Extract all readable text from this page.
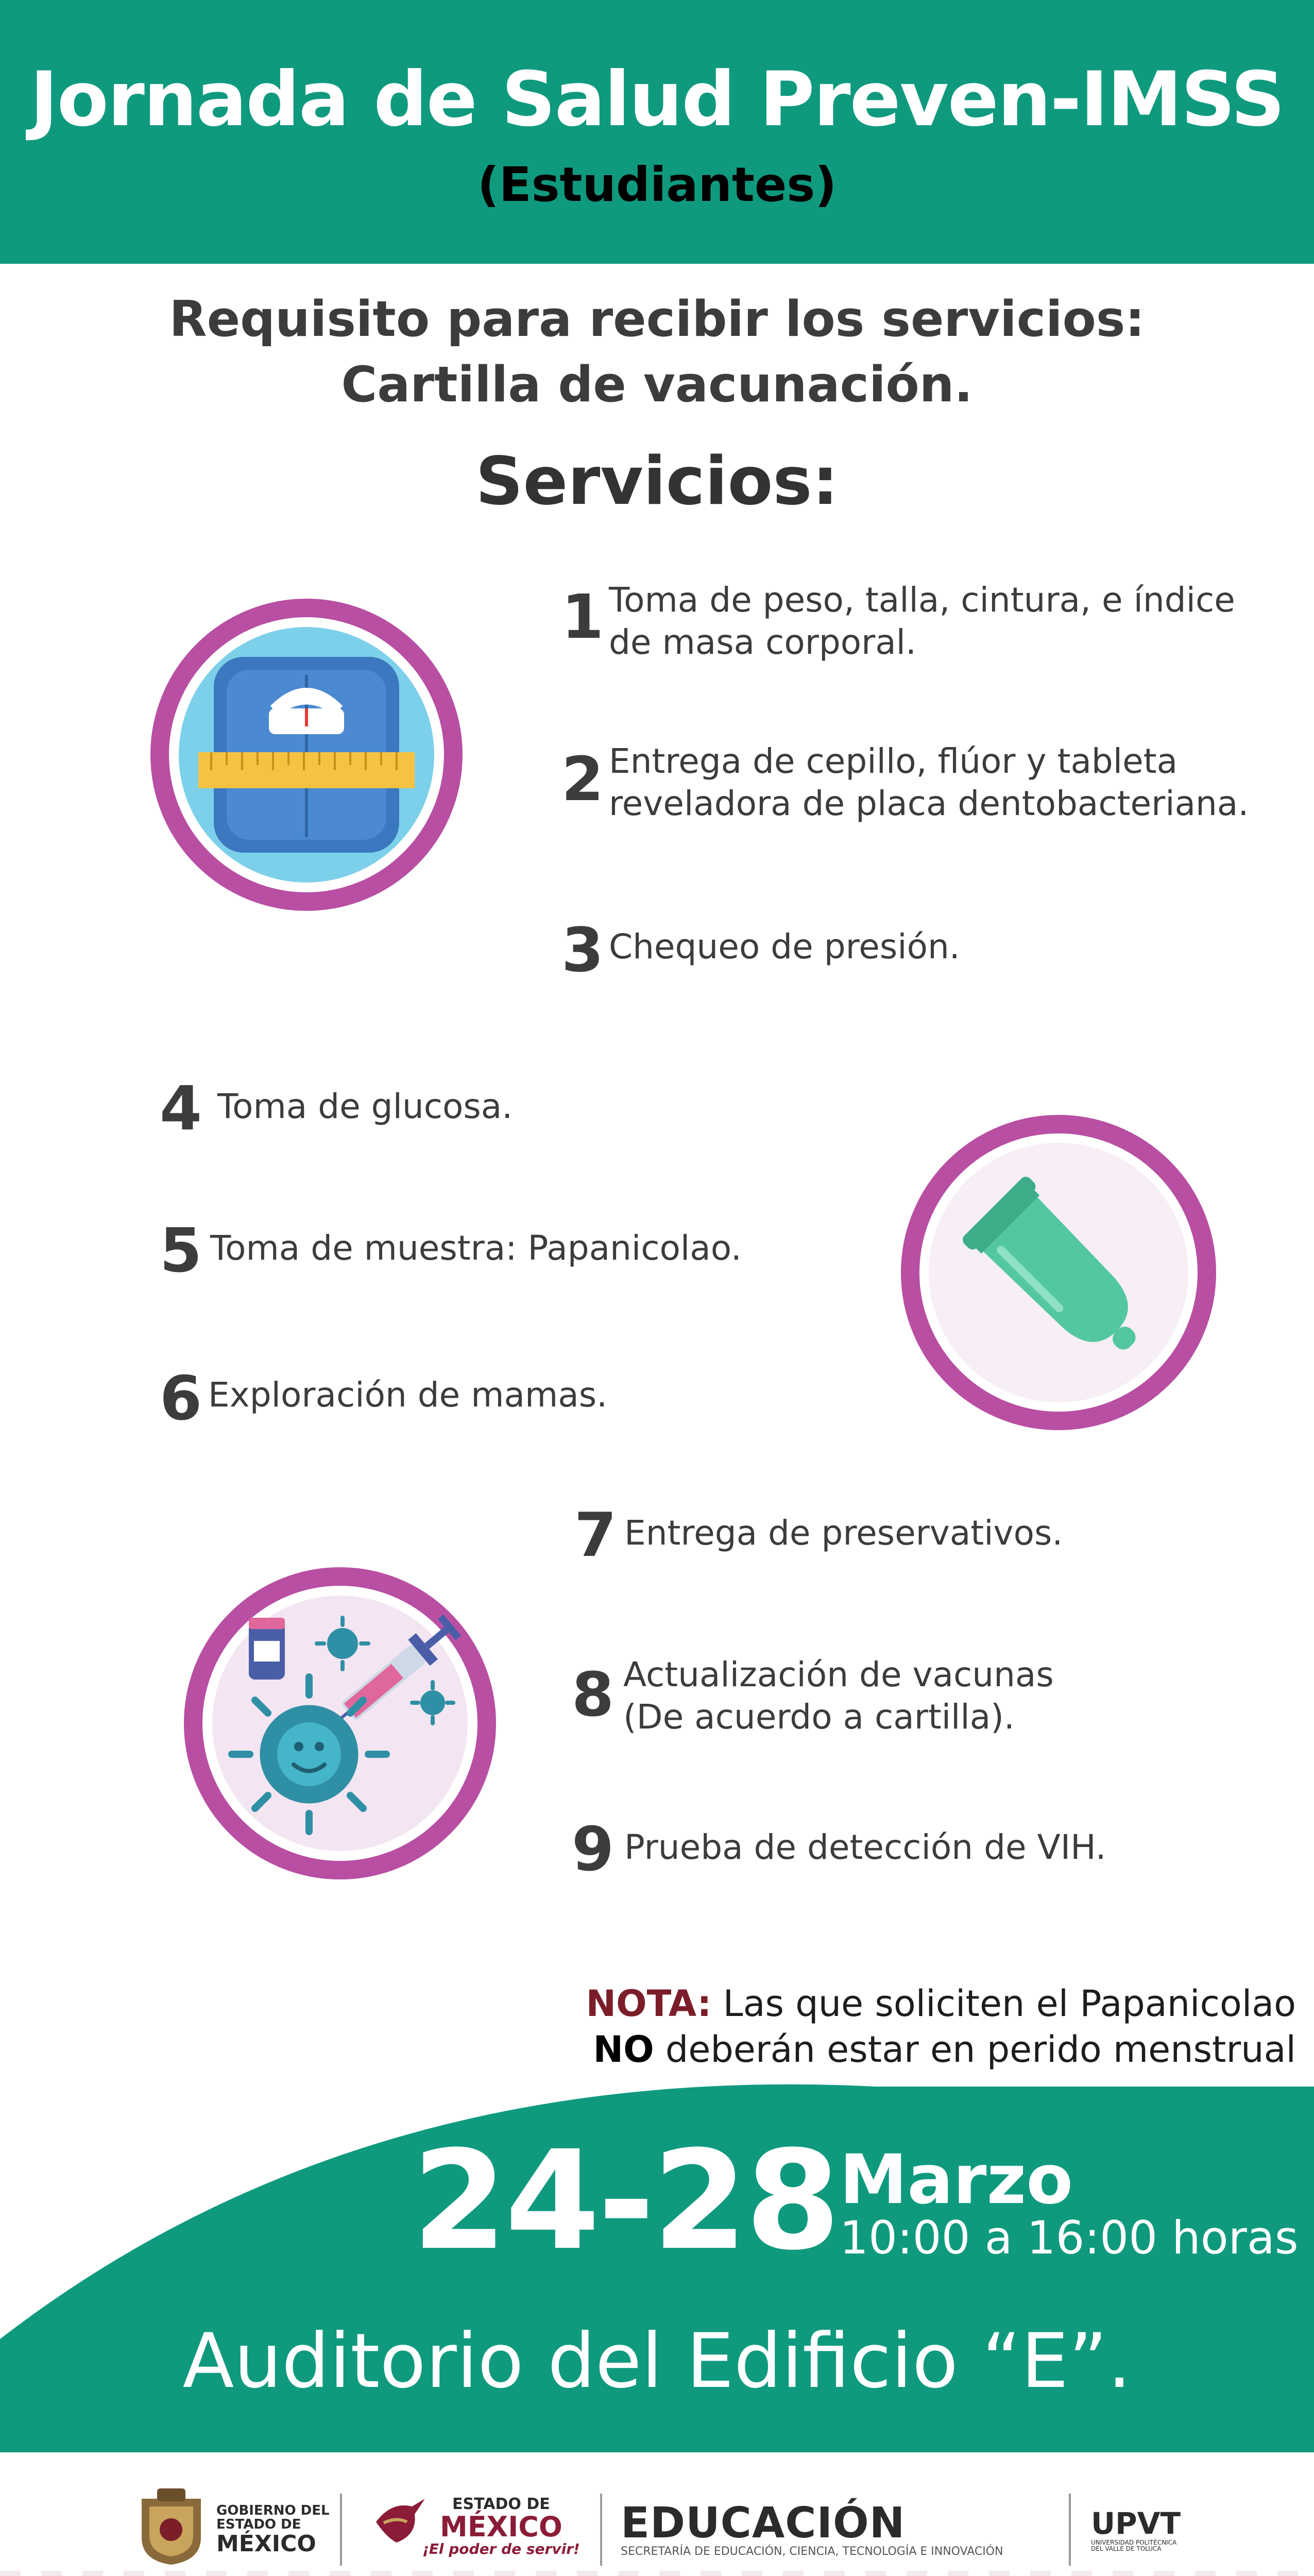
Jornada de Salud Preven-IMSS
(Estudiantes)
Requisito para recibir los servicios:
Cartilla de vacunación.
Servicios:
1 Toma de peso, talla, cintura, e índice
de masa corporal.
2 Entrega de cepillo, flúor y tableta
reveladora de placa dentobacteriana.
3 Chequeo de presión.
4 Toma de glucosa.
5 Toma de muestra: Papanicolao.
6 Exploración de mamas.
7 Entrega de preservativos.
8 Actualización de vacunas
(De acuerdo a cartilla).
9 Prueba de detección de VIH.
NOTA: Las que soliciten el Papanicolao
NO deberán estar en perido menstrual
24-28 Marzo
10:00 a 16:00 horas
Auditorio del Edificio “E”.
GOBIERNO DEL
ESTADO DE
MÉXICO
ESTADO DE
MÉXICO
¡El poder de servir!
EDUCACIÓN
SECRETARÍA DE EDUCACIÓN, CIENCIA, TECNOLOGÍA E INNOVACIÓN
UPVT
UNIVERSIDAD POLITÉCNICA
DEL VALLE DE TOLUCA
